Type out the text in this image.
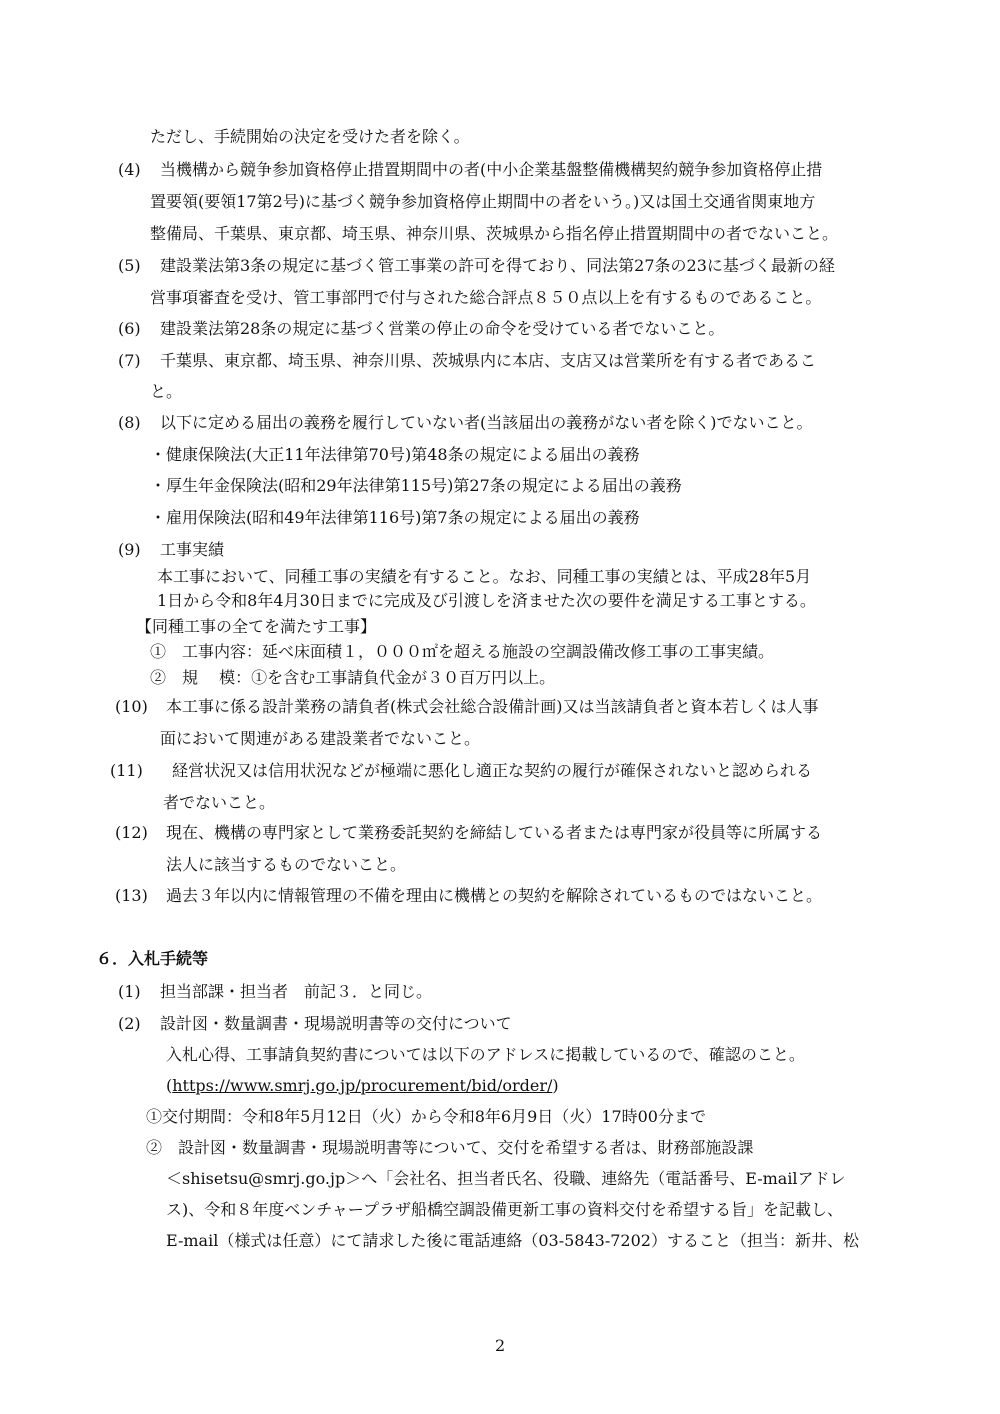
ただし、手続開始の決定を受けた者を除く。
(4) 当機構から競争参加資格停止措置期間中の者(中小企業基盤整備機構契約競争参加資格停止措
置要領(要領17第2号)に基づく競争参加資格停止期間中の者をいう。)又は国土交通省関東地方
整備局、千葉県、東京都、埼玉県、神奈川県、茨城県から指名停止措置期間中の者でないこと。
(5) 建設業法第3条の規定に基づく管工事業の許可を得ており、同法第27条の23に基づく最新の経
営事項審査を受け、管工事部門で付与された総合評点８５０点以上を有するものであること。
(6) 建設業法第28条の規定に基づく営業の停止の命令を受けている者でないこと。
(7) 千葉県、東京都、埼玉県、神奈川県、茨城県内に本店、支店又は営業所を有する者であるこ
と。
(8) 以下に定める届出の義務を履行していない者(当該届出の義務がない者を除く)でないこと。
・健康保険法(大正11年法律第70号)第48条の規定による届出の義務
・厚生年金保険法(昭和29年法律第115号)第27条の規定による届出の義務
・雇用保険法(昭和49年法律第116号)第7条の規定による届出の義務
(9) 工事実績
本工事において、同種工事の実績を有すること。なお、同種工事の実績とは、平成28年5月
1日から令和8年4月30日までに完成及び引渡しを済ませた次の要件を満足する工事とする。
【同種工事の全てを満たす工事】
①　工事内容：延べ床面積１，０００㎡を超える施設の空調設備改修工事の工事実績。
②　規　 模：①を含む工事請負代金が３０百万円以上。
(10) 本工事に係る設計業務の請負者(株式会社総合設備計画)又は当該請負者と資本若しくは人事
面において関連がある建設業者でないこと。
(11) 経営状況又は信用状況などが極端に悪化し適正な契約の履行が確保されないと認められる
者でないこと。
(12) 現在、機構の専門家として業務委託契約を締結している者または専門家が役員等に所属する
法人に該当するものでないこと。
(13) 過去３年以内に情報管理の不備を理由に機構との契約を解除されているものではないこと。
６．入札手続等
(1) 担当部課・担当者　前記３．と同じ。
(2) 設計図・数量調書・現場説明書等の交付について
入札心得、工事請負契約書については以下のアドレスに掲載しているので、確認のこと。
(https://www.smrj.go.jp/procurement/bid/order/)
①交付期間：令和8年5月12日（火）から令和8年6月9日（火）17時00分まで
②　設計図・数量調書・現場説明書等について、交付を希望する者は、財務部施設課
＜shisetsu@smrj.go.jp＞へ「会社名、担当者氏名、役職、連絡先（電話番号、E-mailアドレ
ス)、令和８年度ベンチャープラザ船橋空調設備更新工事の資料交付を希望する旨」を記載し、
E-mail（様式は任意）にて請求した後に電話連絡（03-5843-7202）すること（担当：新井、松
2
